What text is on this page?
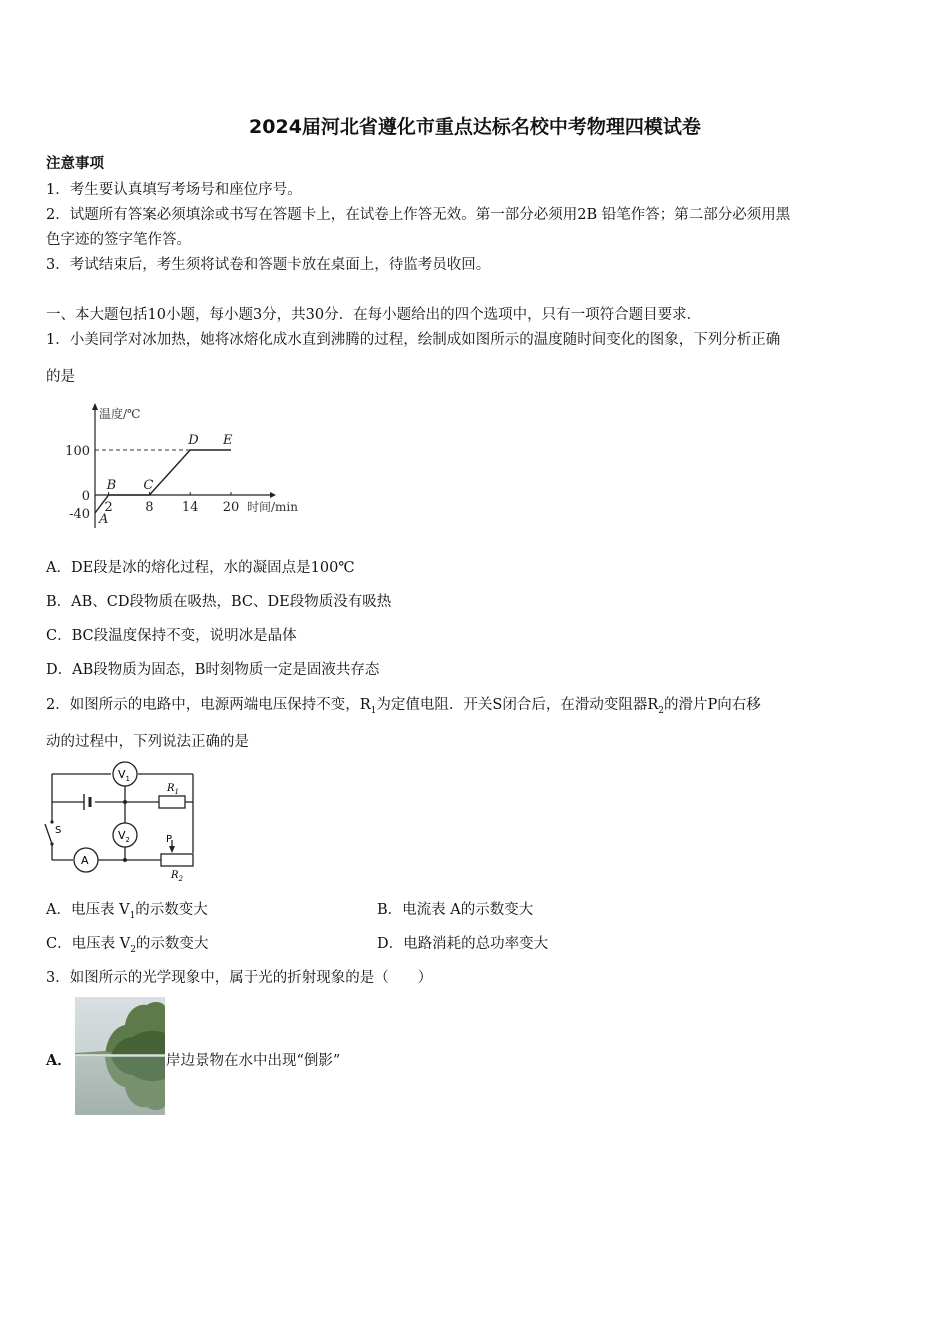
2024届河北省遵化市重点达标名校中考物理四模试卷
注意事项
1．考生要认真填写考场号和座位序号。
2．试题所有答案必须填涂或书写在答题卡上，在试卷上作答无效。第一部分必须用2B 铅笔作答；第二部分必须用黑
色字迹的签字笔作答。
3．考试结束后，考生须将试卷和答题卡放在桌面上，待监考员收回。
一、本大题包括10小题，每小题3分，共30分．在每小题给出的四个选项中，只有一项符合题目要求．
1．小美同学对冰加热，她将冰熔化成水直到沸腾的过程，绘制成如图所示的温度随时间变化的图象，下列分析正确
的是
温度/℃
时间/min
100
0
-40 2	8 14 20
A
B C
D E
A．DE段是冰的熔化过程，水的凝固点是100℃
B．AB、CD段物质在吸热，BC、DE段物质没有吸热
C．BC段温度保持不变，说明冰是晶体
D．AB段物质为固态，B时刻物质一定是固液共存态
2．如图所示的电路中，电源两端电压保持不变，$R_1$为定值电阻．开关S闭合后，在滑动变阻器$R_2$的滑片P向右移
动的过程中，下列说法正确的是
$R_1$
P
$R_2$
$V_1$
$V_2$
A
S
A．电压表 $V_1$的示数变大	B．电流表 A的示数变大
C．电压表 $V_2$的示数变大	D．电路消耗的总功率变大
3．如图所示的光学现象中，属于光的折射现象的是（　　）
A．	岸边景物在水中出现“倒影”
